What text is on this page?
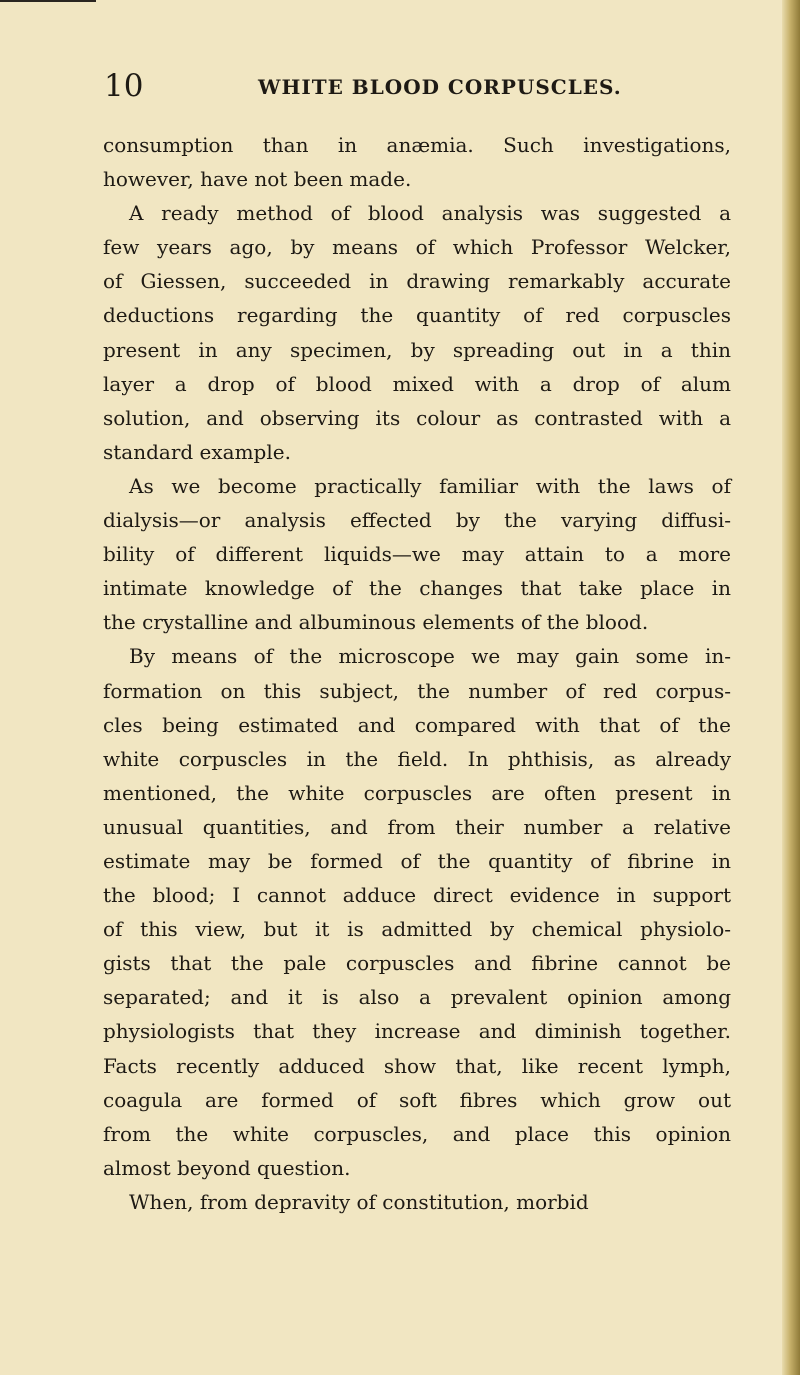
10	WHITE BLOOD CORPUSCLES.
consumption than in anæmia. Such investigations,
however, have not been made.
A ready method of blood analysis was suggested a
few years ago, by means of which Professor Welcker,
of Giessen, succeeded in drawing remarkably accurate
deductions regarding the quantity of red corpuscles
present in any specimen, by spreading out in a thin
layer a drop of blood mixed with a drop of alum
solution, and observing its colour as contrasted with a
standard example.
As we become practically familiar with the laws of
dialysis—or analysis effected by the varying diffusi-
bility of different liquids—we may attain to a more
intimate knowledge of the changes that take place in
the crystalline and albuminous elements of the blood.
By means of the microscope we may gain some in-
formation on this subject, the number of red corpus-
cles being estimated and compared with that of the
white corpuscles in the field. In phthisis, as already
mentioned, the white corpuscles are often present in
unusual quantities, and from their number a relative
estimate may be formed of the quantity of fibrine in
the blood; I cannot adduce direct evidence in support
of this view, but it is admitted by chemical physiolo-
gists that the pale corpuscles and fibrine cannot be
separated; and it is also a prevalent opinion among
physiologists that they increase and diminish together.
Facts recently adduced show that, like recent lymph,
coagula are formed of soft fibres which grow out
from the white corpuscles, and place this opinion
almost beyond question.
When, from depravity of constitution, morbid
